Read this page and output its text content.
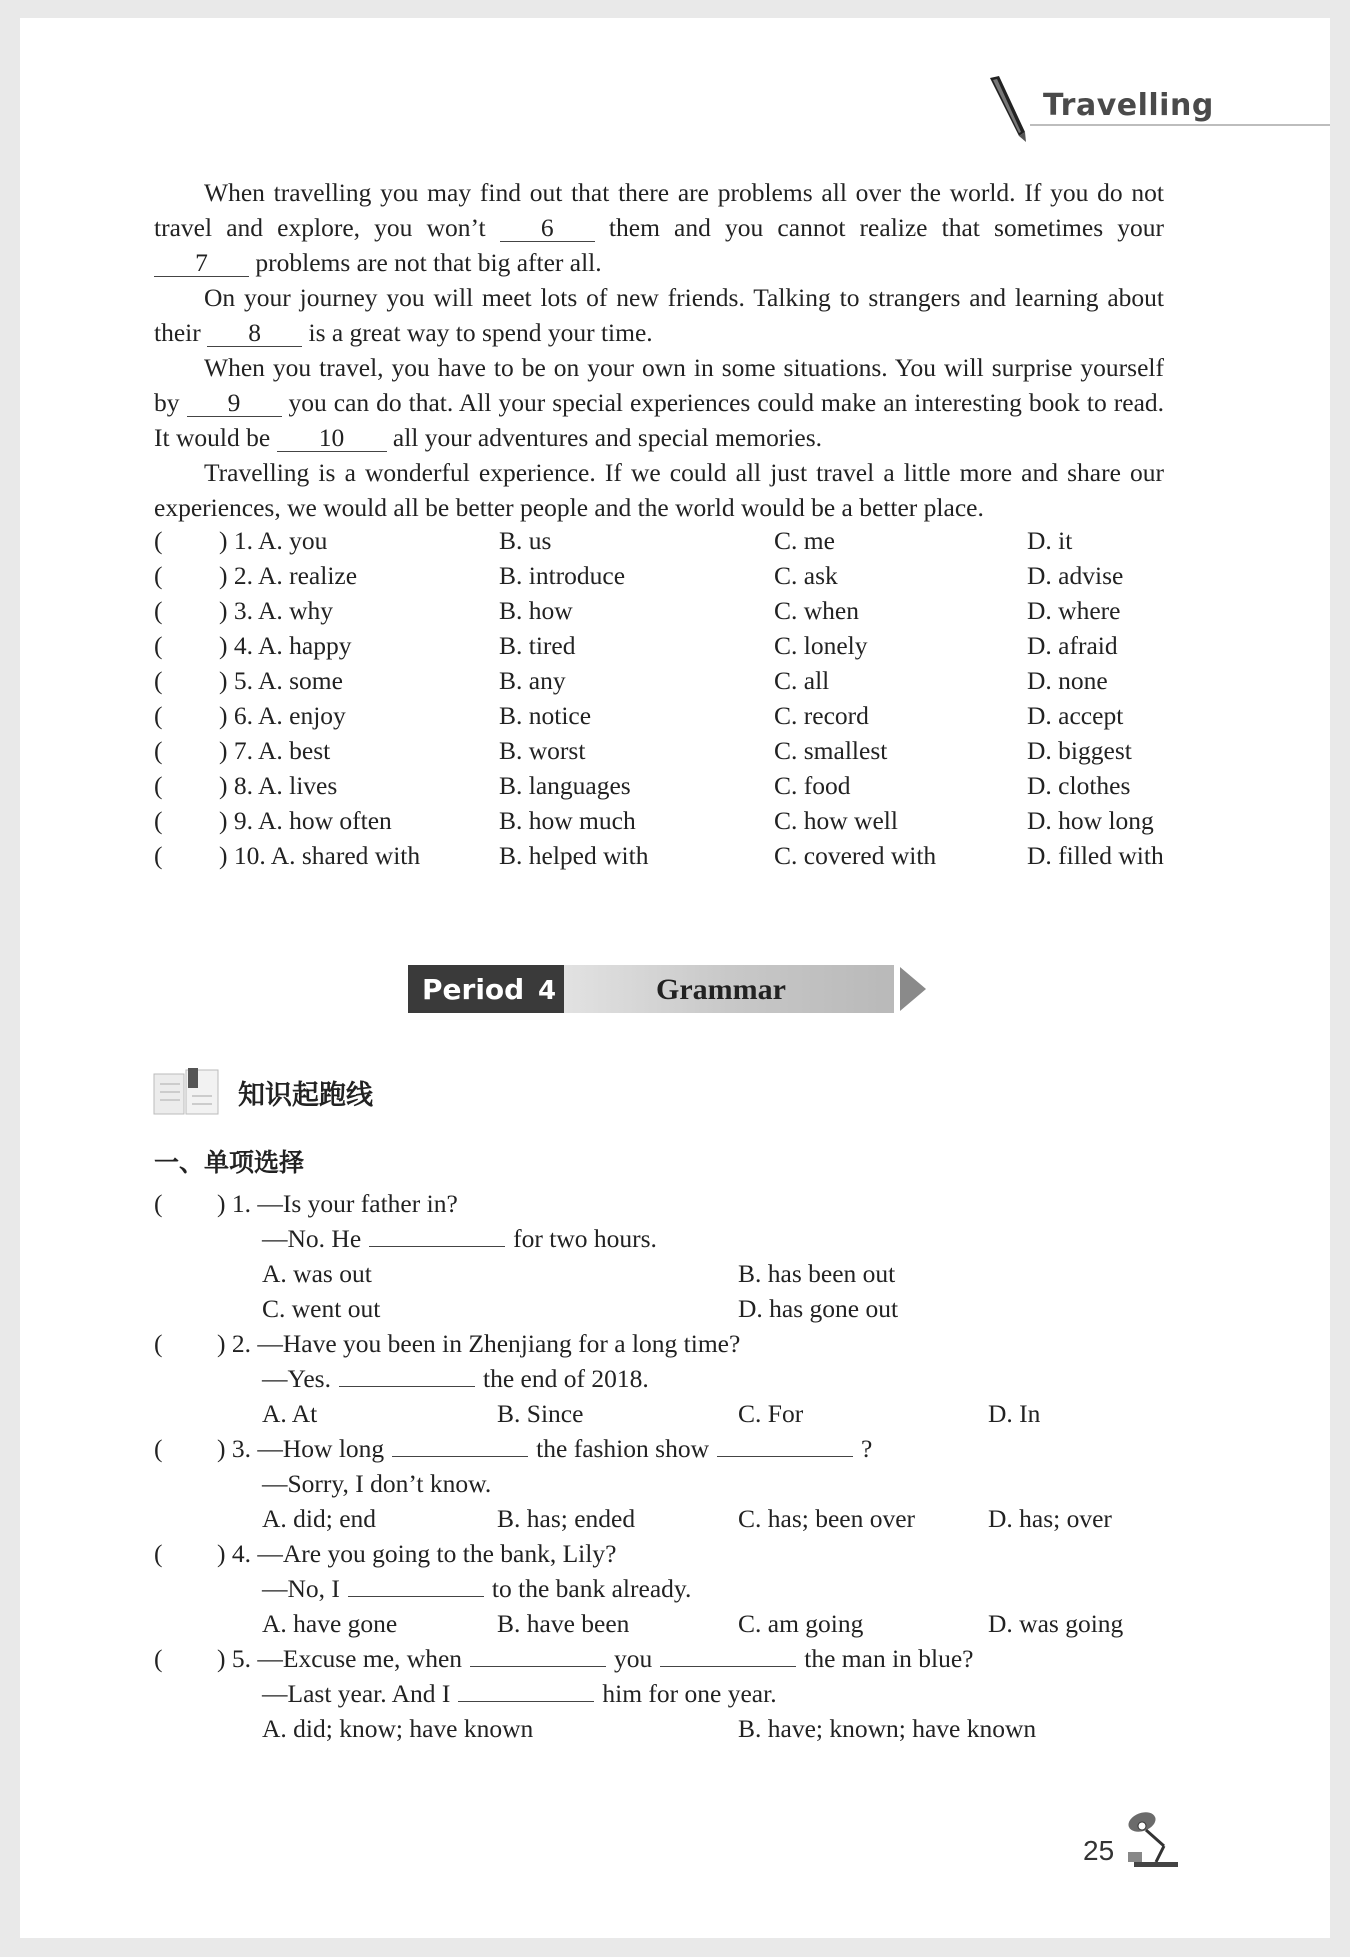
Travelling
When travelling you may find out that there are problems all over the world. If you do not travel and explore, you won’t 6 them and you cannot realize that sometimes your 7 problems are not that big after all.
On your journey you will meet lots of new friends. Talking to strangers and learning about their 8 is a great way to spend your time.
When you travel, you have to be on your own in some situations. You will surprise yourself by 9 you can do that. All your special experiences could make an interesting book to read. It would be 10 all your adventures and special memories.
Travelling is a wonderful experience. If we could all just travel a little more and share our experiences, we would all be better people and the world would be a better place.
( ) 1. A. you	B. us	C. me	D. it
( ) 2. A. realize	B. introduce	C. ask	D. advise
( ) 3. A. why	B. how	C. when	D. where
( ) 4. A. happy	B. tired	C. lonely	D. afraid
( ) 5. A. some	B. any	C. all	D. none
( ) 6. A. enjoy	B. notice	C. record	D. accept
( ) 7. A. best	B. worst	C. smallest	D. biggest
( ) 8. A. lives	B. languages	C. food	D. clothes
( ) 9. A. how often	B. how much	C. how well	D. how long
( ) 10. A. shared with	B. helped with	C. covered with	D. filled with
Period 4	Grammar
知识起跑线
一、单项选择
( ) 1. —Is your father in?
—No. He	for two hours.
A. was out	B. has been out
C. went out	D. has gone out
( ) 2. —Have you been in Zhenjiang for a long time?
—Yes.	the end of 2018.
A. At	B. Since	C. For	D. In
( ) 3. —How long	the fashion show	?
—Sorry, I don’t know.
A. did; end	B. has; ended	C. has; been over	D. has; over
( ) 4. —Are you going to the bank, Lily?
—No, I	to the bank already.
A. have gone	B. have been	C. am going	D. was going
( ) 5. —Excuse me, when	you	the man in blue?
—Last year. And I	him for one year.
A. did; know; have known	B. have; known; have known
25
